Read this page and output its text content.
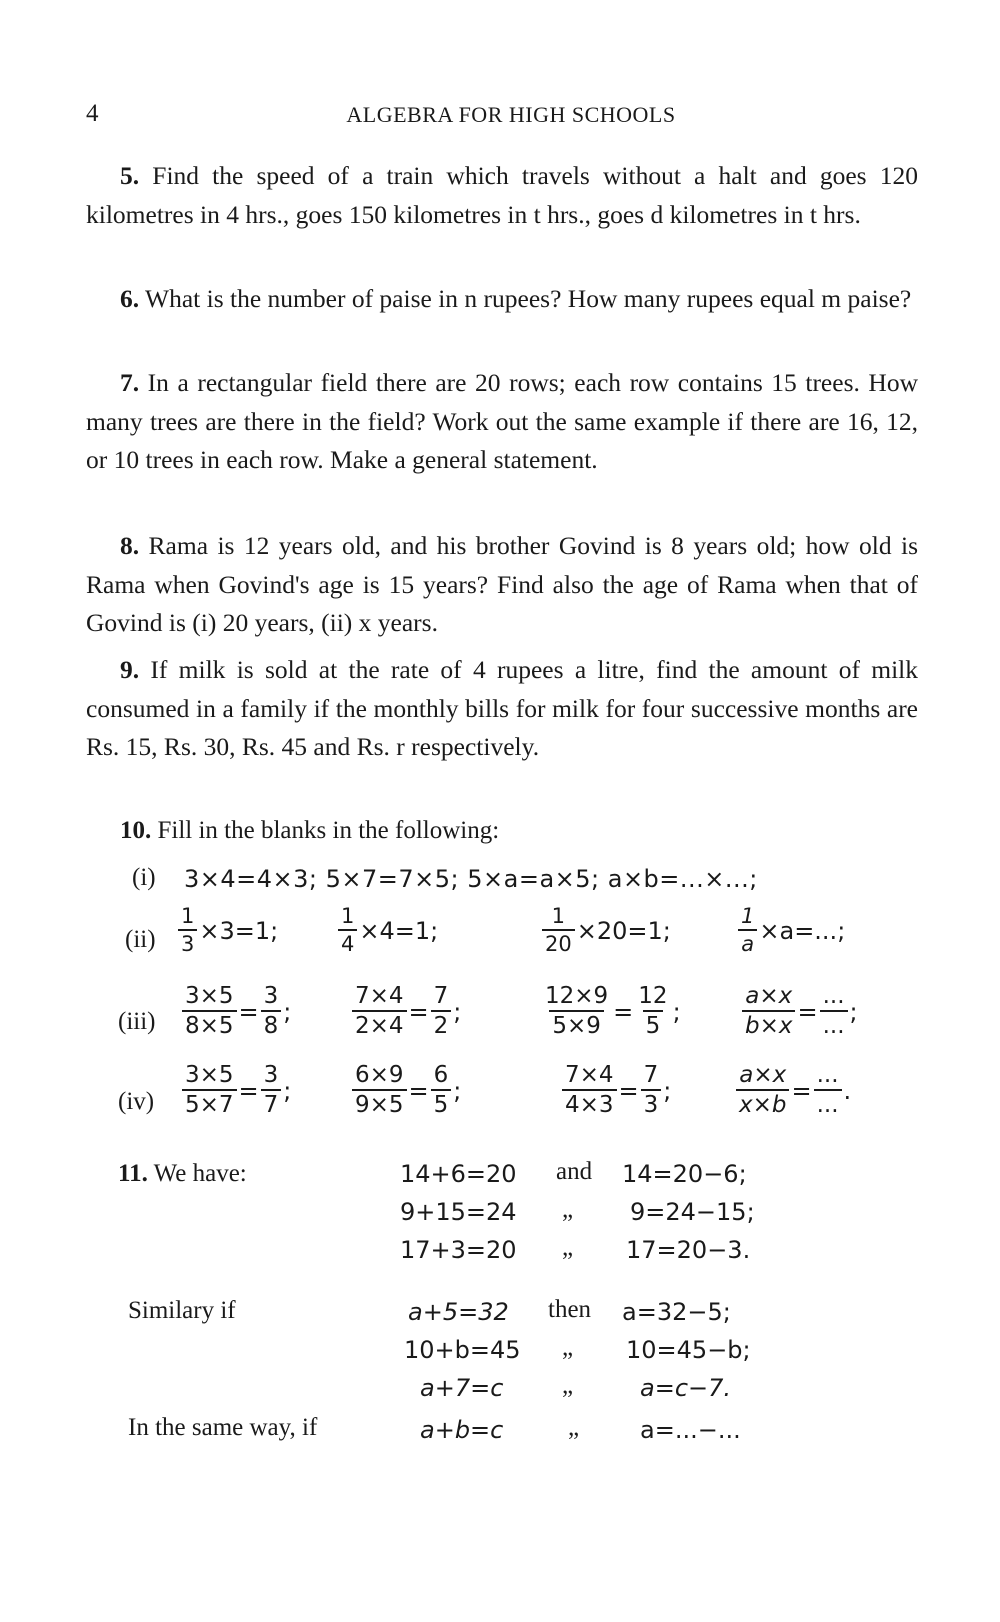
4	ALGEBRA FOR HIGH SCHOOLS
5. Find the speed of a train which travels without a halt and goes 120 kilometres in 4 hrs., goes 150 kilometres in t hrs., goes d kilometres in t hrs.
6. What is the number of paise in n rupees? How many rupees equal m paise?
7. In a rectangular field there are 20 rows; each row contains 15 trees. How many trees are there in the field? Work out the same example if there are 16, 12, or 10 trees in each row. Make a general statement.
8. Rama is 12 years old, and his brother Govind is 8 years old; how old is Rama when Govind's age is 15 years? Find also the age of Rama when that of Govind is (i) 20 years, (ii) x years.
9. If milk is sold at the rate of 4 rupees a litre, find the amount of milk consumed in a family if the monthly bills for milk for four successive months are Rs. 15, Rs. 30, Rs. 45 and Rs. r respectively.
10. Fill in the blanks in the following:
(i) 3×4=4×3; 5×7=7×5; 5×a=a×5; a×b=...×...;
$(ii) \frac{1}{3} \times 3=1$;	$\frac{1}{4} \times 4=1$;	$\frac{1}{20} \times 20=1$;	$\frac{1}{a} \times a=$...;
$(iii) \frac{3\times 5}{8\times 5} = \frac{3}{8}$ ;	$\frac{7\times 4}{2\times 4} = \frac{7}{2}$ ;	$\frac{12\times 9}{5\times 9} = \frac{12}{5}$ ;	$\frac{a\times x}{b\times x} = \frac{...}{...}$ ;
$(iv) \frac{3\times 5}{5\times 7} = \frac{3}{7}$ ;	$\frac{6\times 9}{9\times 5} = \frac{6}{5}$ ;	$\frac{7\times 4}{4\times 3} = \frac{7}{3}$ ;	$\frac{a\times x}{x\times b} = \frac{...}{...}$ .
11. We have:	14+6=20 and 14=20−6;
9+15=24 „ 9=24−15;
17+3=20 „ 17=20−3.
Similary if	a+5=32 then a=32−5;
10+b=45 „ 10=45−b;
a+7=c „	a=c−7.
In the same way, if	a+b=c	„	a=...−...
